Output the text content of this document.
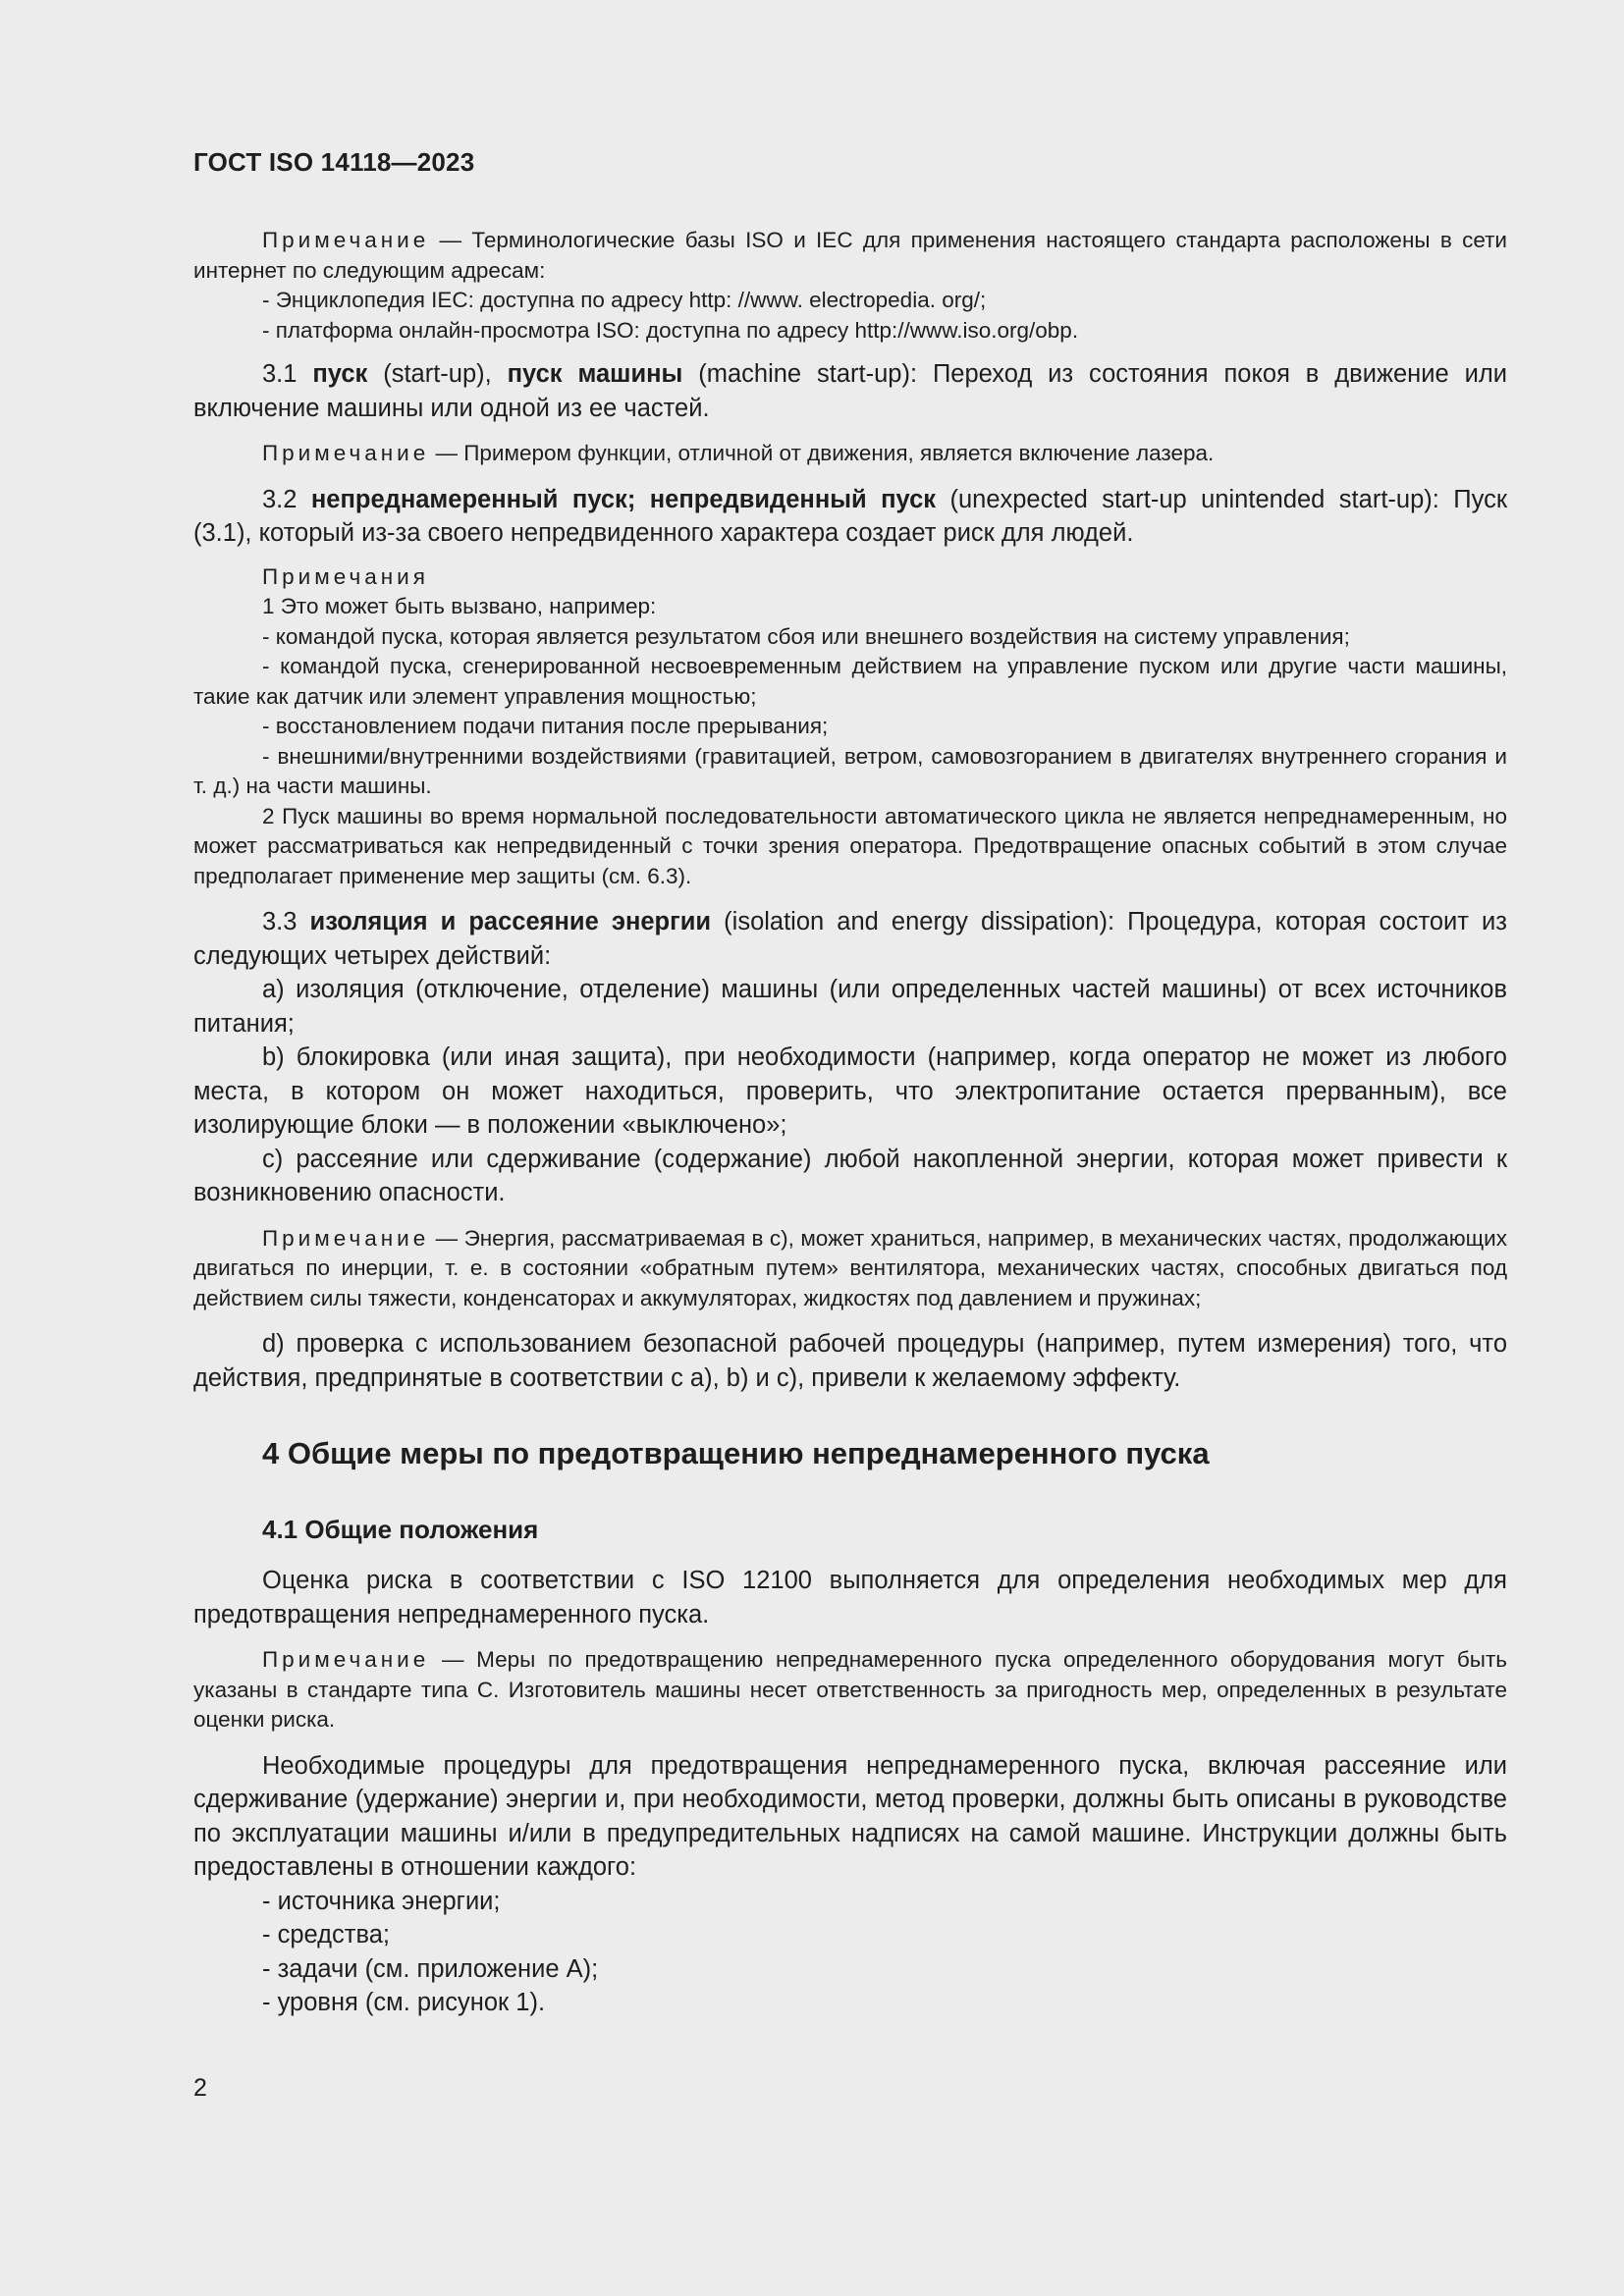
ГОСТ ISO 14118—2023

Примечание — Терминологические базы ISO и IEC для применения настоящего стандарта расположены в сети интернет по следующим адресам:

- Энциклопедия IEC: доступна по адресу http: //www. electropedia. org/;

- платформа онлайн-просмотра ISO: доступна по адресу http://www.iso.org/obp.

3.1 пуск (start-up), пуск машины (machine start-up): Переход из состояния покоя в движение или включение машины или одной из ее частей.

Примечание — Примером функции, отличной от движения, является включение лазера.

3.2 непреднамеренный пуск; непредвиденный пуск (unexpected start-up unintended start-up): Пуск (3.1), который из-за своего непредвиденного характера создает риск для людей.

Примечания

1 Это может быть вызвано, например:

- командой пуска, которая является результатом сбоя или внешнего воздействия на систему управления;

- командой пуска, сгенерированной несвоевременным действием на управление пуском или другие части машины, такие как датчик или элемент управления мощностью;

- восстановлением подачи питания после прерывания;

- внешними/внутренними воздействиями (гравитацией, ветром, самовозгоранием в двигателях внутреннего сгорания и т. д.) на части машины.

2 Пуск машины во время нормальной последовательности автоматического цикла не является непреднамеренным, но может рассматриваться как непредвиденный с точки зрения оператора. Предотвращение опасных событий в этом случае предполагает применение мер защиты (см. 6.3).

3.3 изоляция и рассеяние энергии (isolation and energy dissipation): Процедура, которая состоит из следующих четырех действий:

a) изоляция (отключение, отделение) машины (или определенных частей машины) от всех источников питания;

b) блокировка (или иная защита), при необходимости (например, когда оператор не может из любого места, в котором он может находиться, проверить, что электропитание остается прерванным), все изолирующие блоки — в положении «выключено»;

c) рассеяние или сдерживание (содержание) любой накопленной энергии, которая может привести к возникновению опасности.

Примечание — Энергия, рассматриваемая в c), может храниться, например, в механических частях, продолжающих двигаться по инерции, т. е. в состоянии «обратным путем» вентилятора, механических частях, способных двигаться под действием силы тяжести, конденсаторах и аккумуляторах, жидкостях под давлением и пружинах;

d) проверка с использованием безопасной рабочей процедуры (например, путем измерения) того, что действия, предпринятые в соответствии с a), b) и c), привели к желаемому эффекту.

4 Общие меры по предотвращению непреднамеренного пуска
4.1 Общие положения

Оценка риска в соответствии с ISO 12100 выполняется для определения необходимых мер для предотвращения непреднамеренного пуска.

Примечание — Меры по предотвращению непреднамеренного пуска определенного оборудования могут быть указаны в стандарте типа C. Изготовитель машины несет ответственность за пригодность мер, определенных в результате оценки риска.

Необходимые процедуры для предотвращения непреднамеренного пуска, включая рассеяние или сдерживание (удержание) энергии и, при необходимости, метод проверки, должны быть описаны в руководстве по эксплуатации машины и/или в предупредительных надписях на самой машине. Инструкции должны быть предоставлены в отношении каждого:

- источника энергии;

- средства;

- задачи (см. приложение A);

- уровня (см. рисунок 1).

2
